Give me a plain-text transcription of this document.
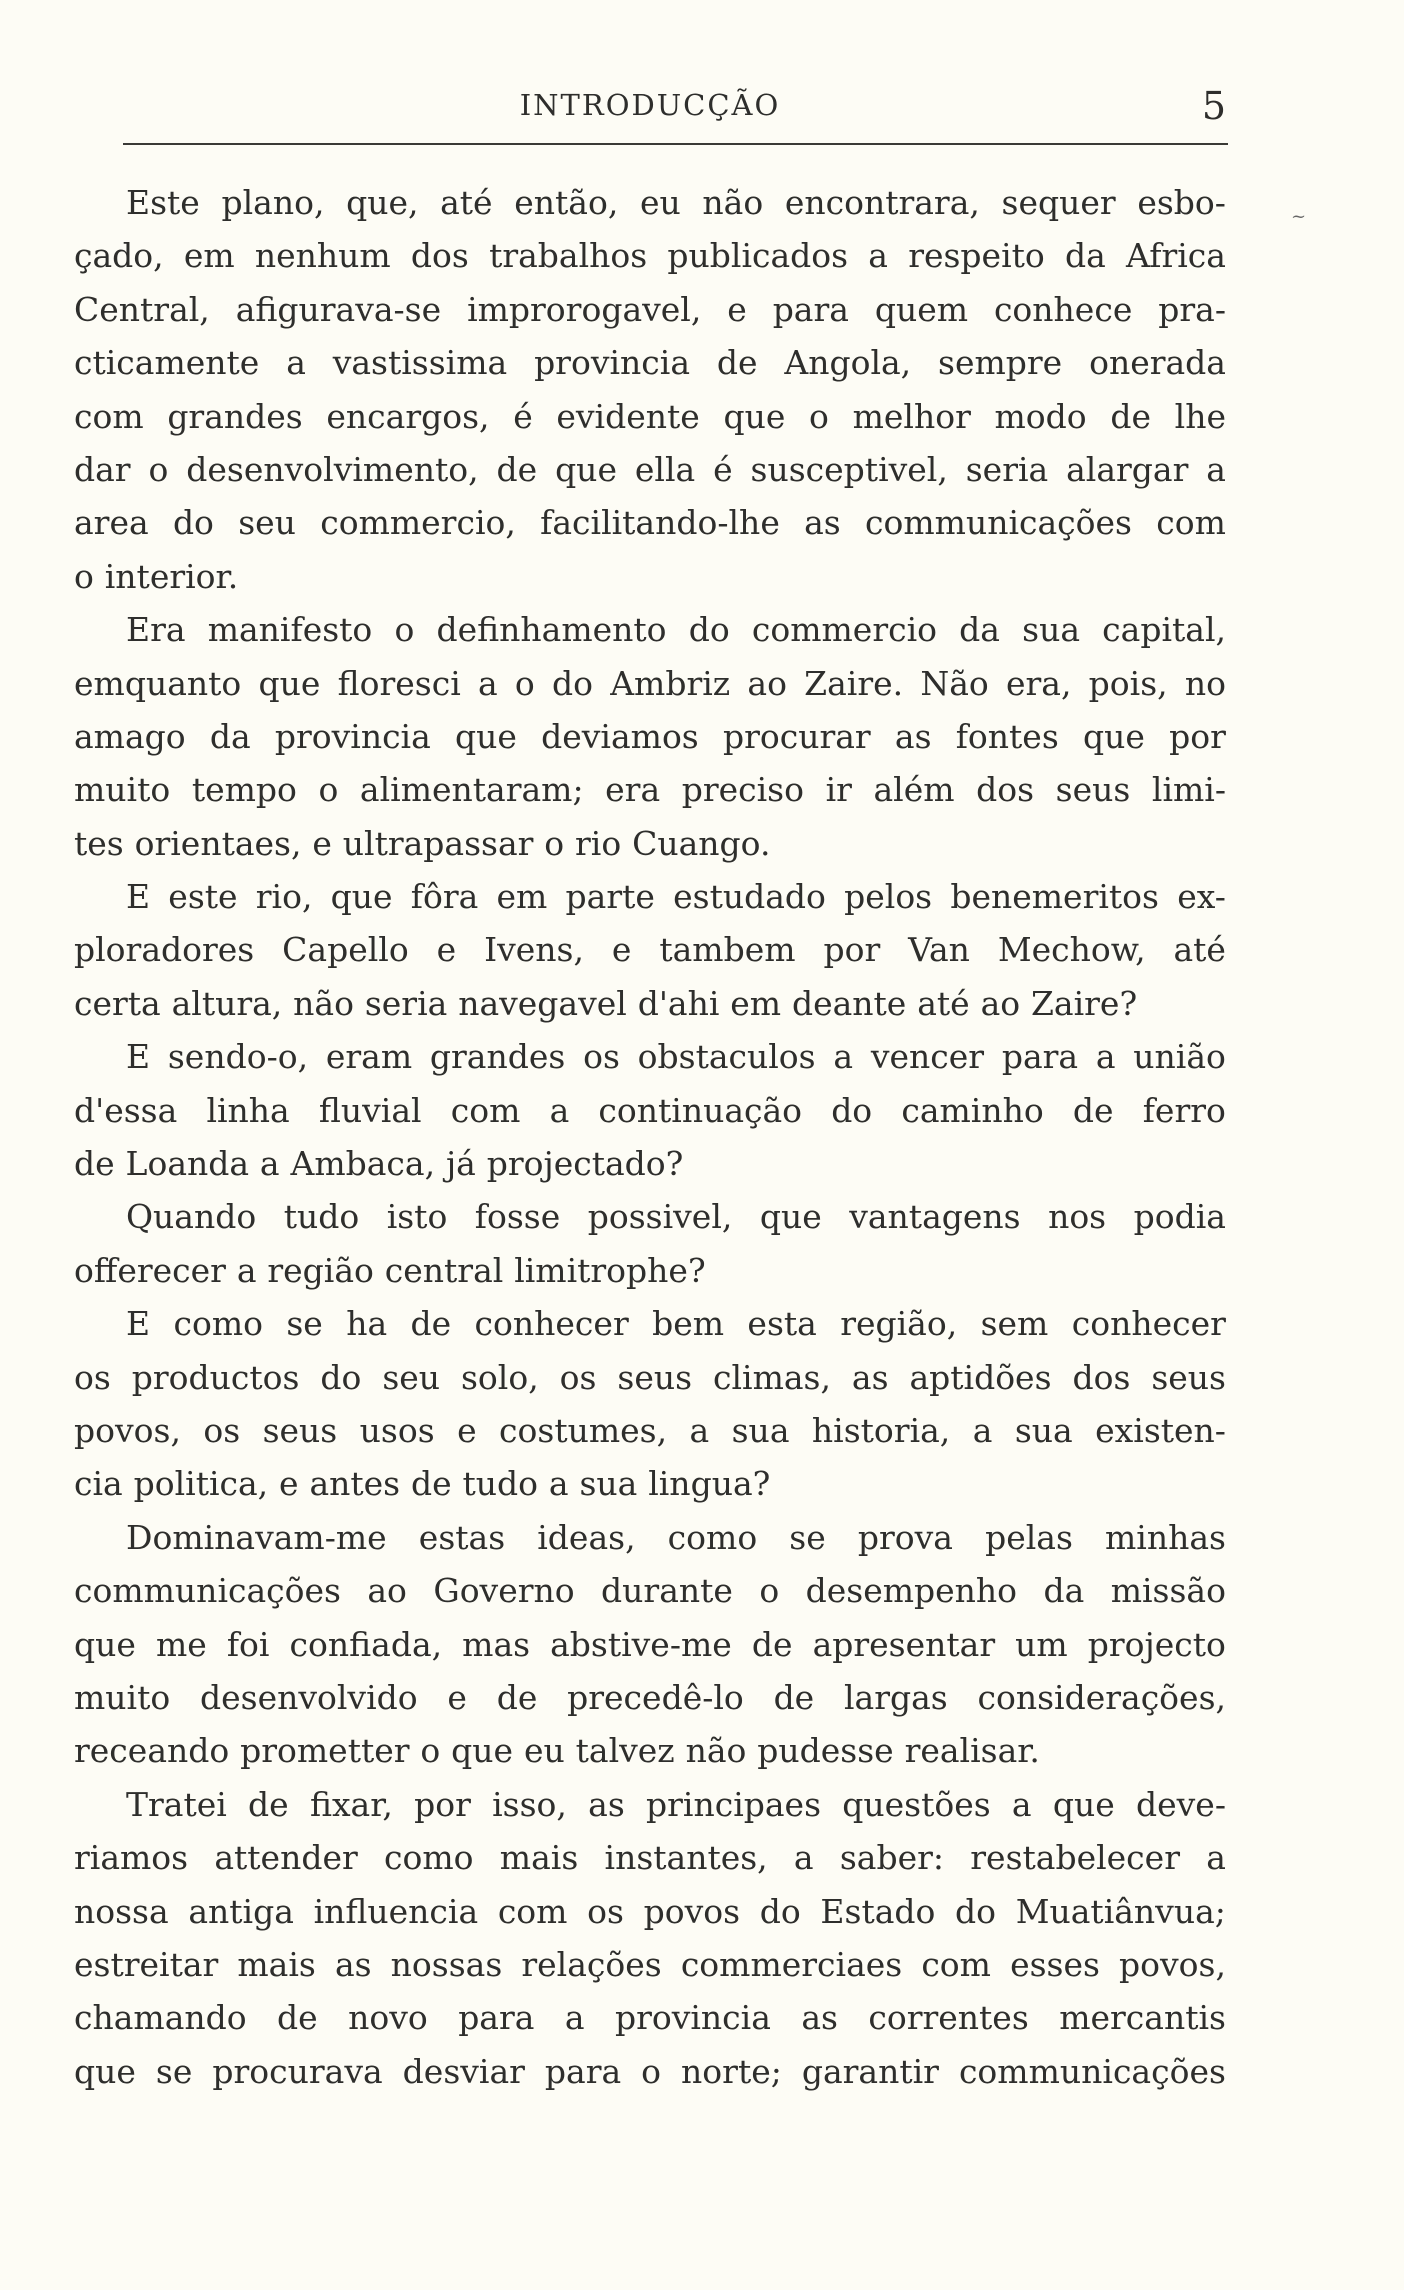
INTRODUCÇÃO	5
~
Este plano, que, até então, eu não encontrara, sequer esbo-
çado, em nenhum dos trabalhos publicados a respeito da Africa
Central, afigurava-se improrogavel, e para quem conhece pra-
cticamente a vastissima provincia de Angola, sempre onerada
com grandes encargos, é evidente que o melhor modo de lhe
dar o desenvolvimento, de que ella é susceptivel, seria alargar a
area do seu commercio, facilitando-lhe as communicações com
o interior.
Era manifesto o definhamento do commercio da sua capital,
emquanto que floresci a o do Ambriz ao Zaire. Não era, pois, no
amago da provincia que deviamos procurar as fontes que por
muito tempo o alimentaram; era preciso ir além dos seus limi-
tes orientaes, e ultrapassar o rio Cuango.
E este rio, que fôra em parte estudado pelos benemeritos ex-
ploradores Capello e Ivens, e tambem por Van Mechow, até
certa altura, não seria navegavel d'ahi em deante até ao Zaire?
E sendo-o, eram grandes os obstaculos a vencer para a união
d'essa linha fluvial com a continuação do caminho de ferro
de Loanda a Ambaca, já projectado?
Quando tudo isto fosse possivel, que vantagens nos podia
offerecer a região central limitrophe?
E como se ha de conhecer bem esta região, sem conhecer
os productos do seu solo, os seus climas, as aptidões dos seus
povos, os seus usos e costumes, a sua historia, a sua existen-
cia politica, e antes de tudo a sua lingua?
Dominavam-me estas ideas, como se prova pelas minhas
communicações ao Governo durante o desempenho da missão
que me foi confiada, mas abstive-me de apresentar um projecto
muito desenvolvido e de precedê-lo de largas considerações,
receando prometter o que eu talvez não pudesse realisar.
Tratei de fixar, por isso, as principaes questões a que deve-
riamos attender como mais instantes, a saber: restabelecer a
nossa antiga influencia com os povos do Estado do Muatiânvua;
estreitar mais as nossas relações commerciaes com esses povos,
chamando de novo para a provincia as correntes mercantis
que se procurava desviar para o norte; garantir communicações
